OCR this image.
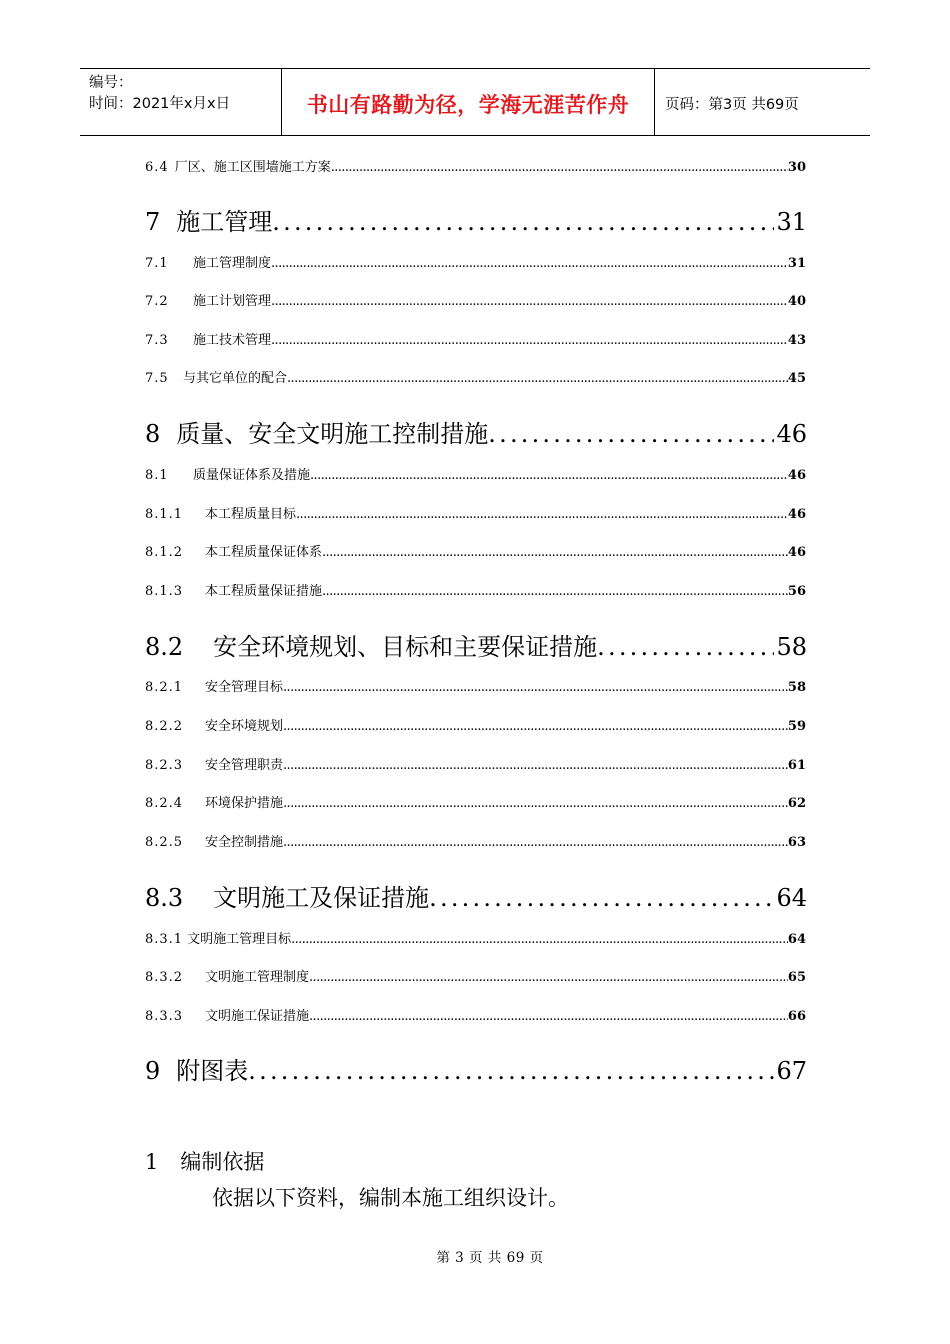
编号：
时间：2021年x月x日	书山有路勤为径，学海无涯苦作舟 页码：第3页 共69页
6.4 厂区、施工区围墙施工方案 .....	30
7 施工管理 .....	31
7.1	施工管理制度 .....	31
7.2	施工计划管理 .....	40
7.3	施工技术管理 .....	43
7.5	与其它单位的配合 .....	45
8 质量、安全文明施工控制措施 .....	46
8.1	质量保证体系及措施 .....	46
8.1.1	本工程质量目标 .....	46
8.1.2	本工程质量保证体系 .....	46
8.1.3	本工程质量保证措施 .....	56
8.2 安全环境规划、目标和主要保证措施 .....	58
8.2.1	安全管理目标 .....	58
8.2.2	安全环境规划 .....	59
8.2.3	安全管理职责 .....	61
8.2.4	环境保护措施 .....	62
8.2.5	安全控制措施 .....	63
8.3 文明施工及保证措施 .....	64
8.3.1 文明施工管理目标 .....	64
8.3.2	文明施工管理制度 .....	65
8.3.3	文明施工保证措施 .....	66
9 附图表 .....	67
1 编制依据
依据以下资料，编制本施工组织设计。
第 3 页 共 69 页
